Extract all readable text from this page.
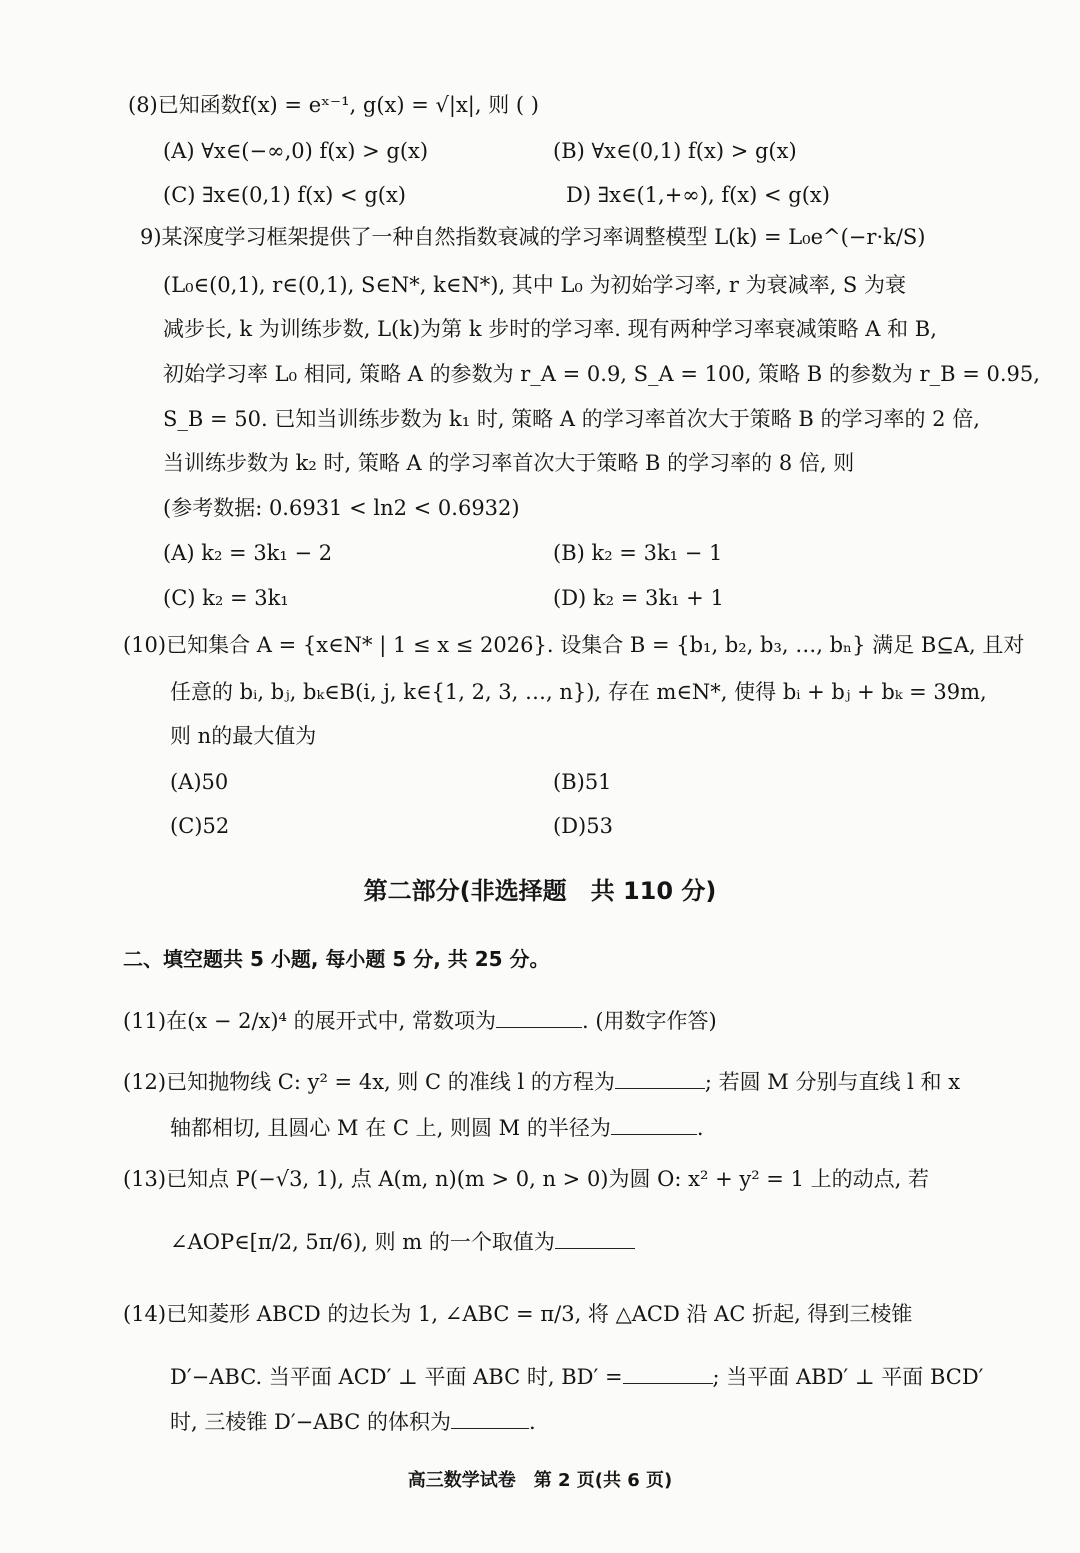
(8)已知函数f(x) = eˣ⁻¹, g(x) = √|x|, 则 ( )
(A) ∀x∈(−∞,0) f(x) > g(x)	(B) ∀x∈(0,1) f(x) > g(x)
(C) ∃x∈(0,1) f(x) < g(x)	D) ∃x∈(1,+∞), f(x) < g(x)
9)某深度学习框架提供了一种自然指数衰减的学习率调整模型 L(k) = L₀e^(−r·k/S)
(L₀∈(0,1), r∈(0,1), S∈N*, k∈N*), 其中 L₀ 为初始学习率, r 为衰减率, S 为衰
减步长, k 为训练步数, L(k)为第 k 步时的学习率. 现有两种学习率衰减策略 A 和 B,
初始学习率 L₀ 相同, 策略 A 的参数为 r_A = 0.9, S_A = 100, 策略 B 的参数为 r_B = 0.95,
S_B = 50. 已知当训练步数为 k₁ 时, 策略 A 的学习率首次大于策略 B 的学习率的 2 倍,
当训练步数为 k₂ 时, 策略 A 的学习率首次大于策略 B 的学习率的 8 倍, 则
(参考数据: 0.6931 < ln2 < 0.6932)
(A) k₂ = 3k₁ − 2	(B) k₂ = 3k₁ − 1
(C) k₂ = 3k₁	(D) k₂ = 3k₁ + 1
(10)已知集合 A = {x∈N* | 1 ≤ x ≤ 2026}. 设集合 B = {b₁, b₂, b₃, …, bₙ} 满足 B⊆A, 且对
任意的 bᵢ, bⱼ, bₖ∈B(i, j, k∈{1, 2, 3, …, n}), 存在 m∈N*, 使得 bᵢ + bⱼ + bₖ = 39m,
则 n的最大值为
(A)50	(B)51
(C)52	(D)53
第二部分(非选择题　共 110 分)
二、填空题共 5 小题, 每小题 5 分, 共 25 分。
(11)在(x − 2/x)⁴ 的展开式中, 常数项为	. (用数字作答)
(12)已知抛物线 C: y² = 4x, 则 C 的准线 l 的方程为	; 若圆 M 分别与直线 l 和 x
轴都相切, 且圆心 M 在 C 上, 则圆 M 的半径为	.
(13)已知点 P(−√3, 1), 点 A(m, n)(m > 0, n > 0)为圆 O: x² + y² = 1 上的动点, 若
∠AOP∈[π/2, 5π/6), 则 m 的一个取值为
(14)已知菱形 ABCD 的边长为 1, ∠ABC = π/3, 将 △ACD 沿 AC 折起, 得到三棱锥
D′−ABC. 当平面 ACD′ ⊥ 平面 ABC 时, BD′ =	; 当平面 ABD′ ⊥ 平面 BCD′
时, 三棱锥 D′−ABC 的体积为	.
高三数学试卷　第 2 页(共 6 页)
